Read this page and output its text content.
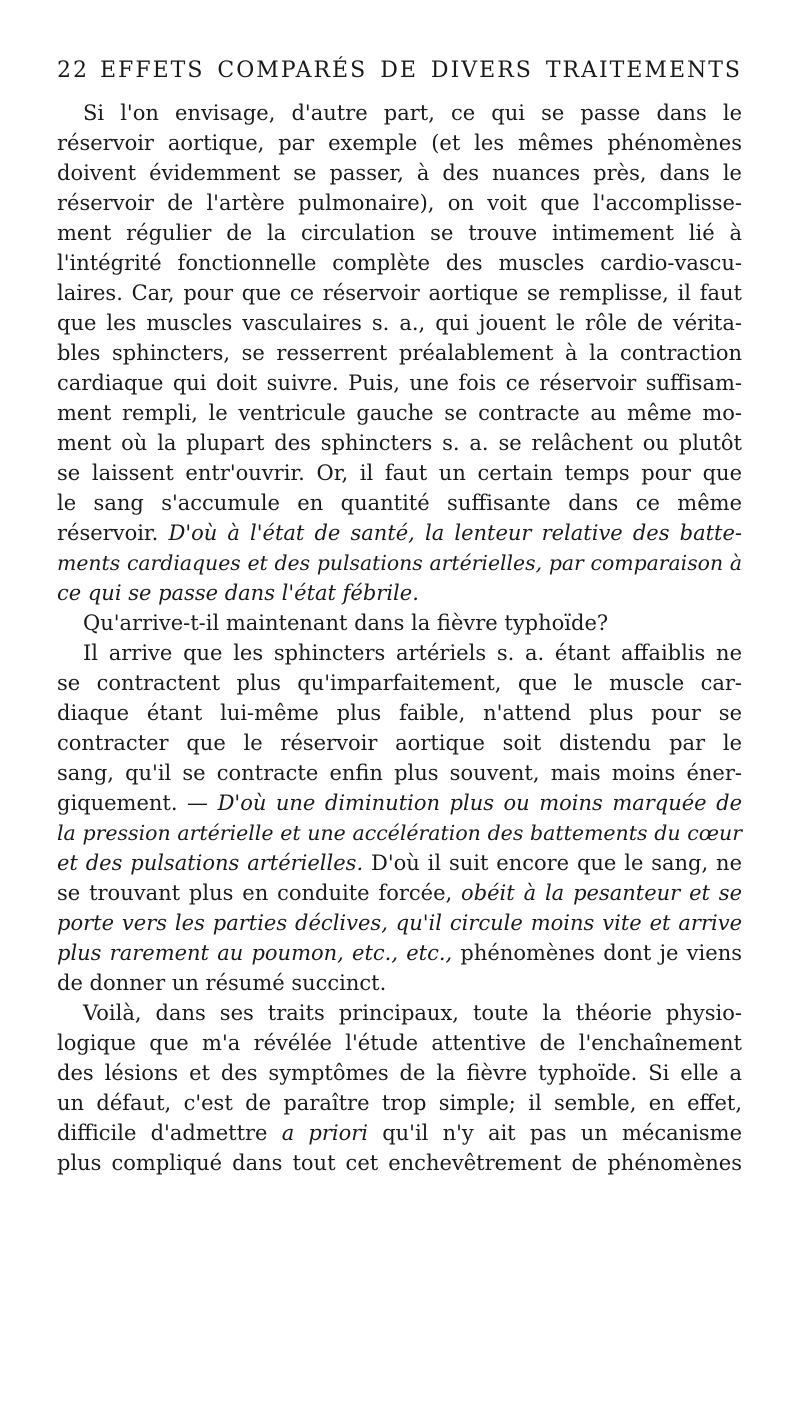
22 EFFETS COMPARÉS DE DIVERS TRAITEMENTS
Si l'on envisage, d'autre part, ce qui se passe dans le
réservoir aortique, par exemple (et les mêmes phénomènes
doivent évidemment se passer, à des nuances près, dans le
réservoir de l'artère pulmonaire), on voit que l'accomplisse-
ment régulier de la circulation se trouve intimement lié à
l'intégrité fonctionnelle complète des muscles cardio-vascu-
laires. Car, pour que ce réservoir aortique se remplisse, il faut
que les muscles vasculaires s. a., qui jouent le rôle de vérita-
bles sphincters, se resserrent préalablement à la contraction
cardiaque qui doit suivre. Puis, une fois ce réservoir suffisam-
ment rempli, le ventricule gauche se contracte au même mo-
ment où la plupart des sphincters s. a. se relâchent ou plutôt
se laissent entr'ouvrir. Or, il faut un certain temps pour que
le sang s'accumule en quantité suffisante dans ce même
réservoir. D'où à l'état de santé, la lenteur relative des batte-
ments cardiaques et des pulsations artérielles, par comparaison à
ce qui se passe dans l'état fébrile.
Qu'arrive-t-il maintenant dans la fièvre typhoïde?
Il arrive que les sphincters artériels s. a. étant affaiblis ne
se contractent plus qu'imparfaitement, que le muscle car-
diaque étant lui-même plus faible, n'attend plus pour se
contracter que le réservoir aortique soit distendu par le
sang, qu'il se contracte enfin plus souvent, mais moins éner-
giquement. — D'où une diminution plus ou moins marquée de
la pression artérielle et une accélération des battements du cœur
et des pulsations artérielles. D'où il suit encore que le sang, ne
se trouvant plus en conduite forcée, obéit à la pesanteur et se
porte vers les parties déclives, qu'il circule moins vite et arrive
plus rarement au poumon, etc., etc., phénomènes dont je viens
de donner un résumé succinct.
Voilà, dans ses traits principaux, toute la théorie physio-
logique que m'a révélée l'étude attentive de l'enchaînement
des lésions et des symptômes de la fièvre typhoïde. Si elle a
un défaut, c'est de paraître trop simple; il semble, en effet,
difficile d'admettre a priori qu'il n'y ait pas un mécanisme
plus compliqué dans tout cet enchevêtrement de phénomènes
